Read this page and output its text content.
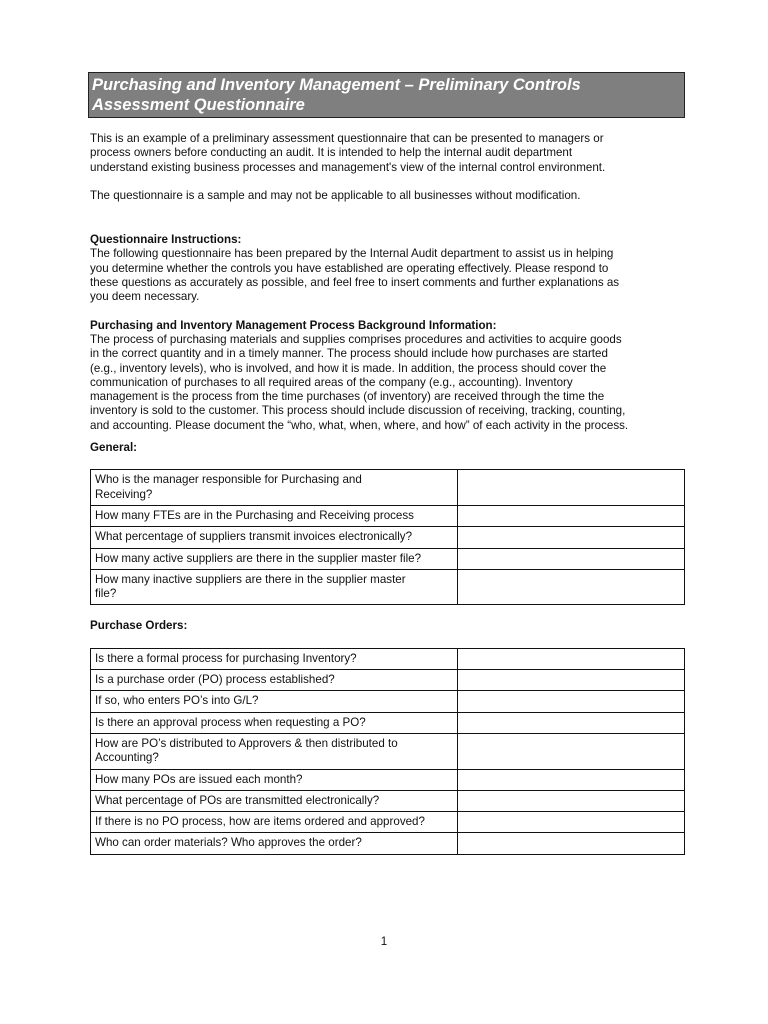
Purchasing and Inventory Management – Preliminary Controls
Assessment Questionnaire

This is an example of a preliminary assessment questionnaire that can be presented to managers or
process owners before conducting an audit. It is intended to help the internal audit department
understand existing business processes and management's view of the internal control environment.

The questionnaire is a sample and may not be applicable to all businesses without modification.

Questionnaire Instructions:

The following questionnaire has been prepared by the Internal Audit department to assist us in helping
you determine whether the controls you have established are operating effectively. Please respond to
these questions as accurately as possible, and feel free to insert comments and further explanations as
you deem necessary.

Purchasing and Inventory Management Process Background Information:

The process of purchasing materials and supplies comprises procedures and activities to acquire goods
in the correct quantity and in a timely manner. The process should include how purchases are started
(e.g., inventory levels), who is involved, and how it is made. In addition, the process should cover the
communication of purchases to all required areas of the company (e.g., accounting). Inventory
management is the process from the time purchases (of inventory) are received through the time the
inventory is sold to the customer. This process should include discussion of receiving, tracking, counting,
and accounting. Please document the “who, what, when, where, and how” of each activity in the process.

General:

Who is the manager responsible for Purchasing and
Receiving?	
How many FTEs are in the Purchasing and Receiving process	
What percentage of suppliers transmit invoices electronically?	
How many active suppliers are there in the supplier master file?	
How many inactive suppliers are there in the supplier master
file?	

Purchase Orders:

Is there a formal process for purchasing Inventory?	
Is a purchase order (PO) process established?	
If so, who enters PO’s into G/L?	
Is there an approval process when requesting a PO?	
How are PO’s distributed to Approvers & then distributed to
Accounting?	
How many POs are issued each month?	
What percentage of POs are transmitted electronically?	
If there is no PO process, how are items ordered and approved?	
Who can order materials? Who approves the order?	
1
